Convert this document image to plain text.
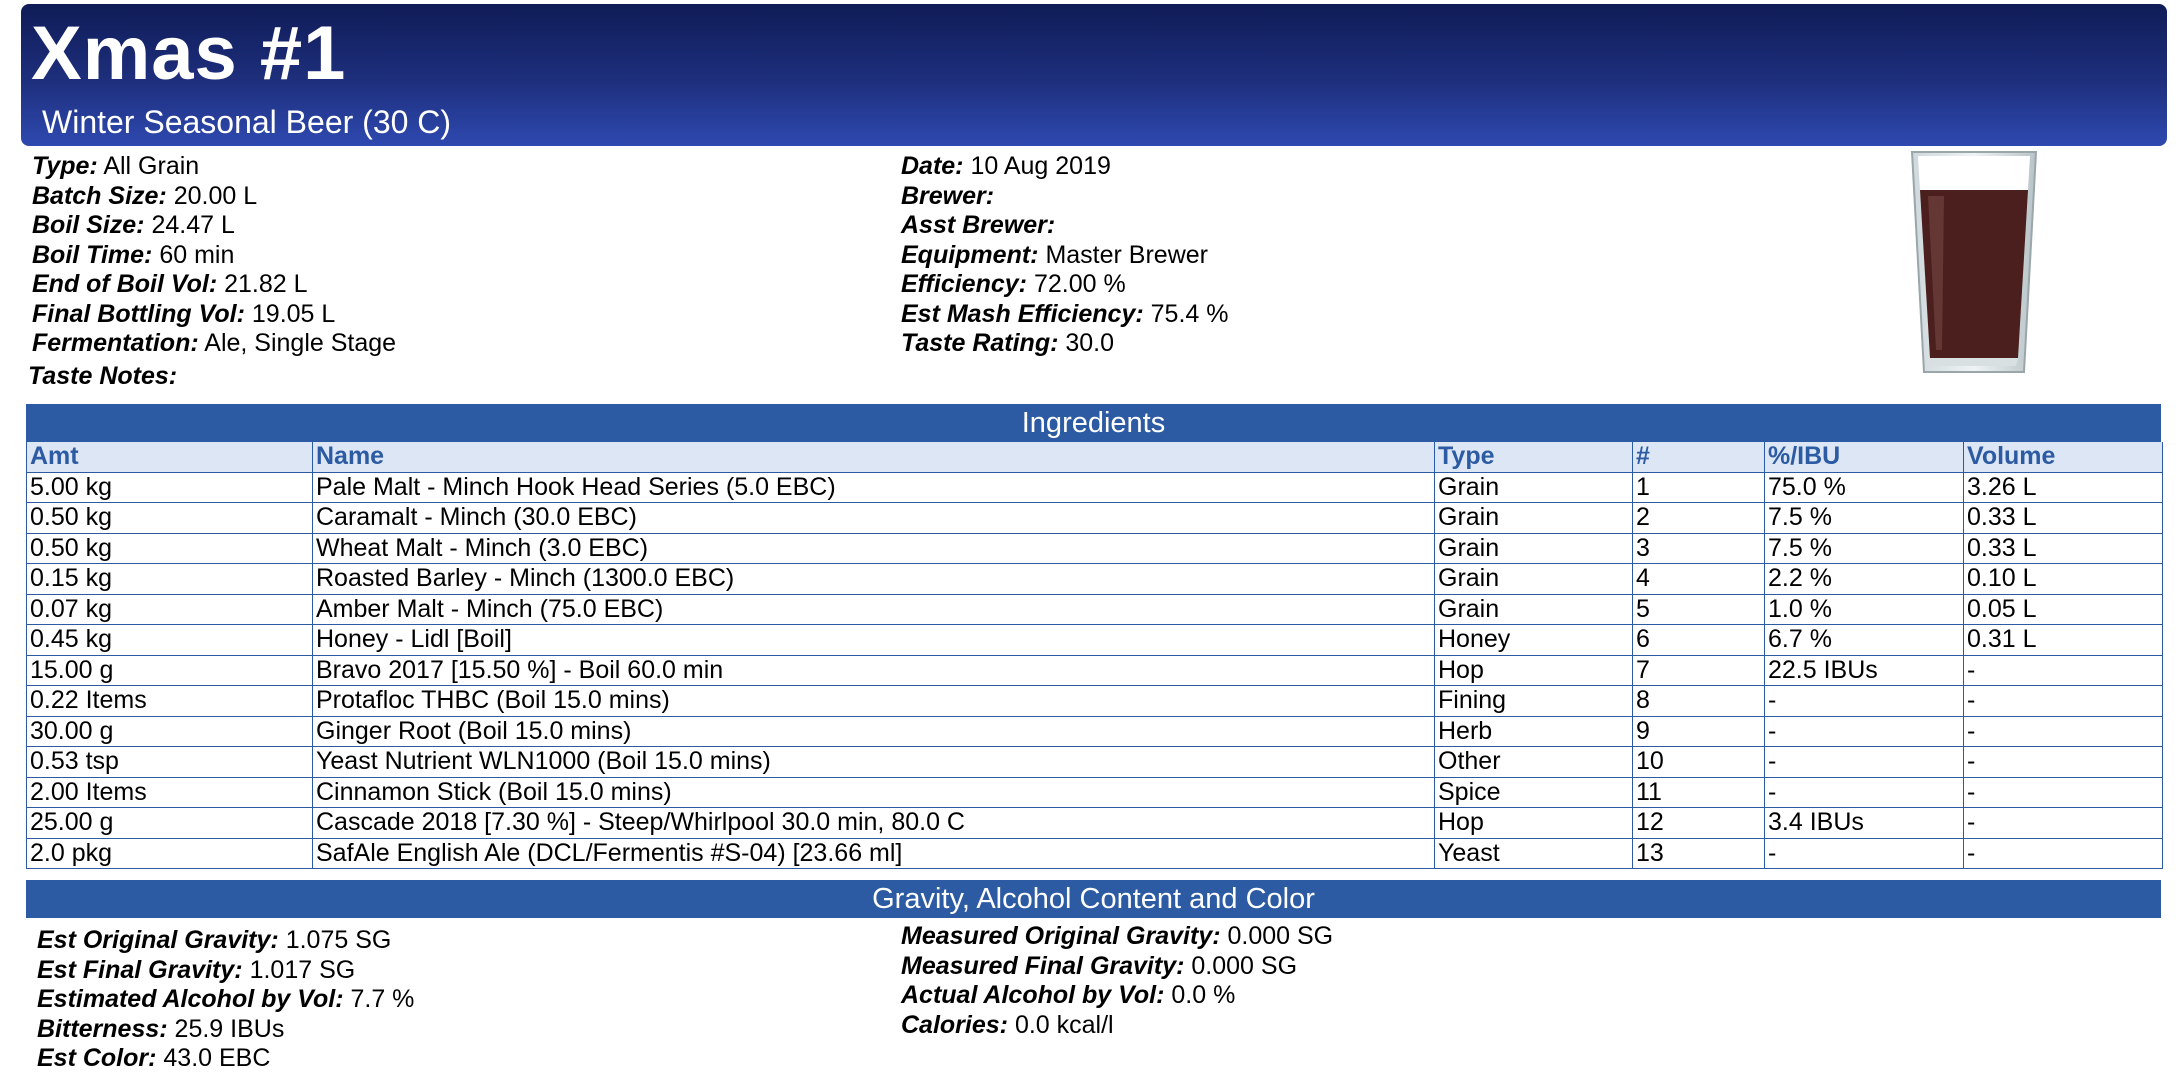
Xmas #1
Winter Seasonal Beer (30 C)
Type: All Grain
Batch Size: 20.00 L
Boil Size: 24.47 L
Boil Time: 60 min
End of Boil Vol: 21.82 L
Final Bottling Vol: 19.05 L
Fermentation: Ale, Single Stage
Taste Notes:
Date: 10 Aug 2019
Brewer:
Asst Brewer:
Equipment: Master Brewer
Efficiency: 72.00 %
Est Mash Efficiency: 75.4 %
Taste Rating: 30.0
Ingredients
Amt	Name	Type	#	%/IBU	Volume
5.00 kg	Pale Malt - Minch Hook Head Series (5.0 EBC)	Grain	1	75.0 %	3.26 L
0.50 kg	Caramalt - Minch (30.0 EBC)	Grain	2	7.5 %	0.33 L
0.50 kg	Wheat Malt - Minch (3.0 EBC)	Grain	3	7.5 %	0.33 L
0.15 kg	Roasted Barley - Minch (1300.0 EBC)	Grain	4	2.2 %	0.10 L
0.07 kg	Amber Malt - Minch (75.0 EBC)	Grain	5	1.0 %	0.05 L
0.45 kg	Honey - Lidl [Boil]	Honey	6	6.7 %	0.31 L
15.00 g	Bravo 2017 [15.50 %] - Boil 60.0 min	Hop	7	22.5 IBUs	-
0.22 Items	Protafloc THBC (Boil 15.0 mins)	Fining	8	-	-
30.00 g	Ginger Root (Boil 15.0 mins)	Herb	9	-	-
0.53 tsp	Yeast Nutrient WLN1000 (Boil 15.0 mins)	Other	10	-	-
2.00 Items	Cinnamon Stick (Boil 15.0 mins)	Spice	11	-	-
25.00 g	Cascade 2018 [7.30 %] - Steep/Whirlpool 30.0 min, 80.0 C	Hop	12	3.4 IBUs	-
2.0 pkg	SafAle English Ale (DCL/Fermentis #S-04) [23.66 ml]	Yeast	13	-	-
Gravity, Alcohol Content and Color
Est Original Gravity: 1.075 SG
Est Final Gravity: 1.017 SG
Estimated Alcohol by Vol: 7.7 %
Bitterness: 25.9 IBUs
Est Color: 43.0 EBC
Measured Original Gravity: 0.000 SG
Measured Final Gravity: 0.000 SG
Actual Alcohol by Vol: 0.0 %
Calories: 0.0 kcal/l
